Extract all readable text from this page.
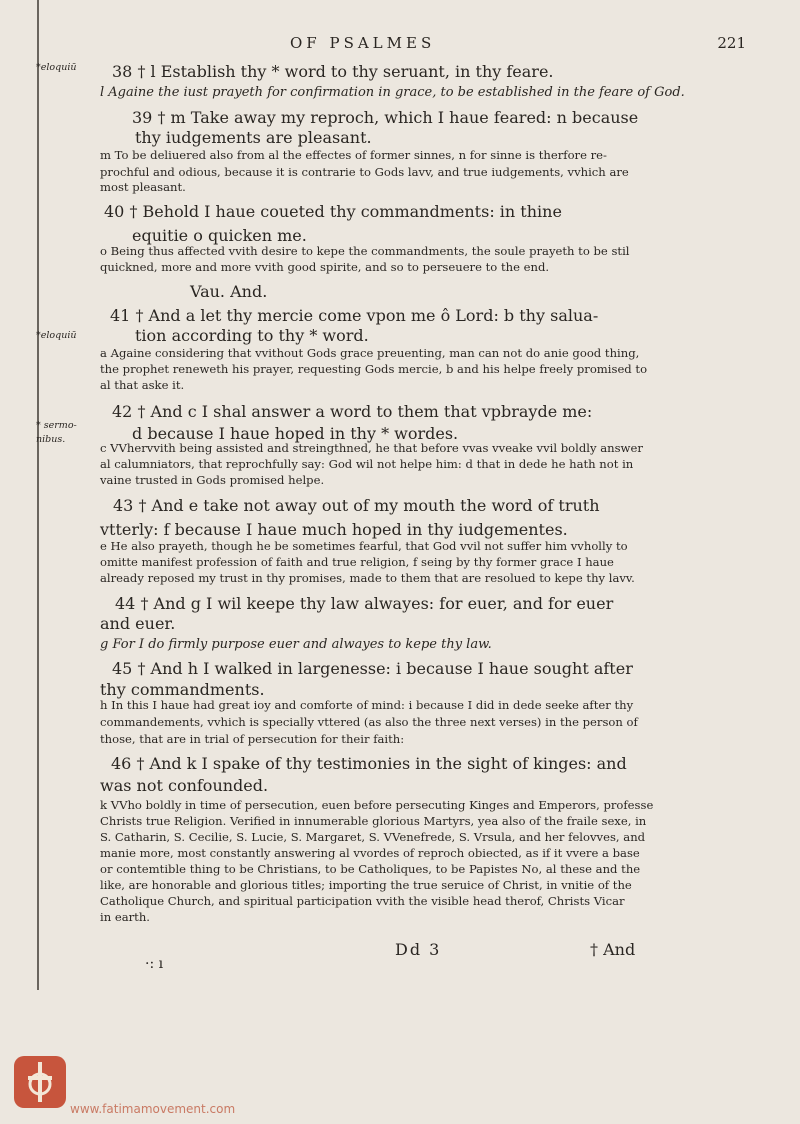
OF PSALMES	221
*eloquiū
*eloquiū
* sermo-
nibus.
38 † l Establish thy * word to thy seruant, in thy feare.
l Againe the iust prayeth for confirmation in grace, to be established in the feare of God.
39 † m Take away my reproch, which I haue feared: n because
thy iudgements are pleasant.
m To be deliuered also from al the effectes of former sinnes, n for sinne is therfore re-
prochful and odious, because it is contrarie to Gods lavv, and true iudgements, vvhich are
most pleasant.
40 † Behold I haue coueted thy commandments: in thine
equitie o quicken me.
o Being thus affected vvith desire to kepe the commandments, the soule prayeth to be stil
quickned, more and more vvith good spirite, and so to perseuere to the end.
Vau. And.
41 † And a let thy mercie come vpon me ô Lord: b thy salua-
tion according to thy * word.
a Againe considering that vvithout Gods grace preuenting, man can not do anie good thing,
the prophet reneweth his prayer, requesting Gods mercie, b and his helpe freely promised to
al that aske it.
42 † And c I shal answer a word to them that vpbrayde me:
d because I haue hoped in thy * wordes.
c VVhervvith being assisted and streingthned, he that before vvas vveake vvil boldly answer
al calumniators, that reprochfully say: God wil not helpe him: d that in dede he hath not in
vaine trusted in Gods promised helpe.
43 † And e take not away out of my mouth the word of truth
vtterly: f because I haue much hoped in thy iudgementes.
e He also prayeth, though he be sometimes fearful, that God vvil not suffer him vvholly to
omitte manifest profession of faith and true religion, f seing by thy former grace I haue
already reposed my trust in thy promises, made to them that are resolued to kepe thy lavv.
44 † And g I wil keepe thy law alwayes: for euer, and for euer
and euer.
g For I do firmly purpose euer and alwayes to kepe thy law.
45 † And h I walked in largenesse: i because I haue sought after
thy commandments.
h In this I haue had great ioy and comforte of mind: i because I did in dede seeke after thy
commandements, vvhich is specially vttered (as also the three next verses) in the person of
those, that are in trial of persecution for their faith:
46 † And k I spake of thy testimonies in the sight of kinges: and
was not confounded.
k VVho boldly in time of persecution, euen before persecuting Kinges and Emperors, professe
Christs true Religion. Verified in innumerable glorious Martyrs, yea also of the fraile sexe, in
S. Catharin, S. Cecilie, S. Lucie, S. Margaret, S. VVenefrede, S. Vrsula, and her felovves, and
manie more, most constantly answering al vvordes of reproch obiected, as if it vvere a base
or contemtible thing to be Christians, to be Catholiques, to be Papistes No, al these and the
like, are honorable and glorious titles; importing the true seruice of Christ, in vnitie of the
Catholique Church, and spiritual participation vvith the visible head therof, Christs Vicar
in earth.
Dd 3	† And
·: ı
www.fatimamovement.com
